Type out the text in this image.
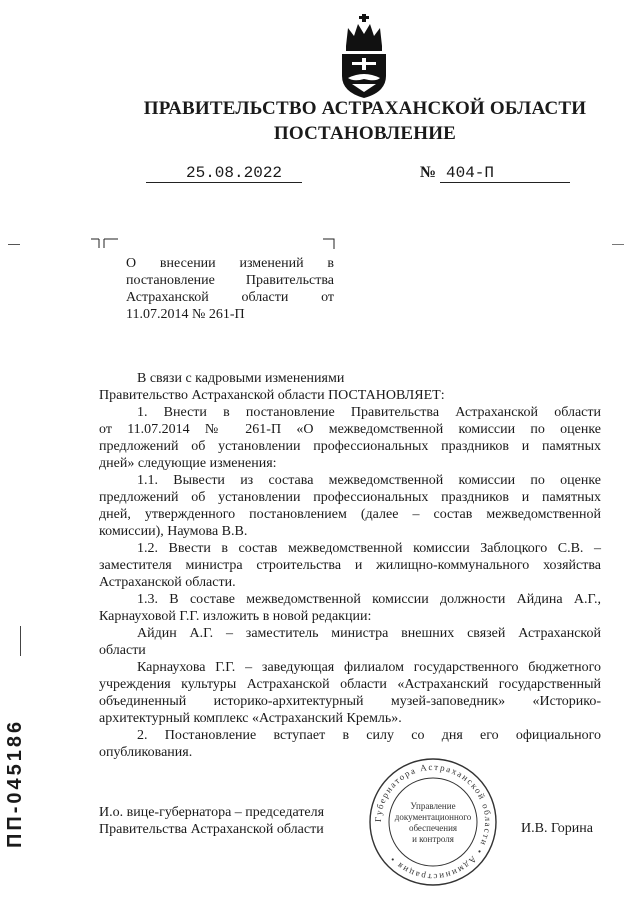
ПРАВИТЕЛЬСТВО АСТРАХАНСКОЙ ОБЛАСТИ
ПОСТАНОВЛЕНИЕ
25.08.2022	№ 404-П
О внесении изменений в
постановление Правительства
Астраханской области от
11.07.2014 № 261-П
В связи с кадровыми изменениями
Правительство Астраханской области ПОСТАНОВЛЯЕТ:
1. Внести в постановление Правительства Астраханской области
от 11.07.2014 № 261-П «О межведомственной комиссии по оценке
предложений об установлении профессиональных праздников и памятных
дней» следующие изменения:
1.1. Вывести из состава межведомственной комиссии по оценке
предложений об установлении профессиональных праздников и памятных
дней, утвержденного постановлением (далее – состав межведомственной
комиссии), Наумова В.В.
1.2. Ввести в состав межведомственной комиссии Заблоцкого С.В. –
заместителя министра строительства и жилищно-коммунального хозяйства
Астраханской области.
1.3. В составе межведомственной комиссии должности Айдина А.Г.,
Карнауховой Г.Г. изложить в новой редакции:
Айдин А.Г. – заместитель министра внешних связей Астраханской
области
Карнаухова Г.Г. – заведующая филиалом государственного бюджетного
учреждения культуры Астраханской области «Астраханский государственный
объединенный историко-архитектурный музей-заповедник» «Историко-
архитектурный комплекс «Астраханский Кремль».
2. Постановление вступает в силу со дня его официального
опубликования.
ПП-045186	И.о. вице-губернатора – председателя
Правительства Астраханской области	И.В. Горина
Губернатора Астраханской области • Администрация •
Управление
документационного
обеспечения
и контроля
